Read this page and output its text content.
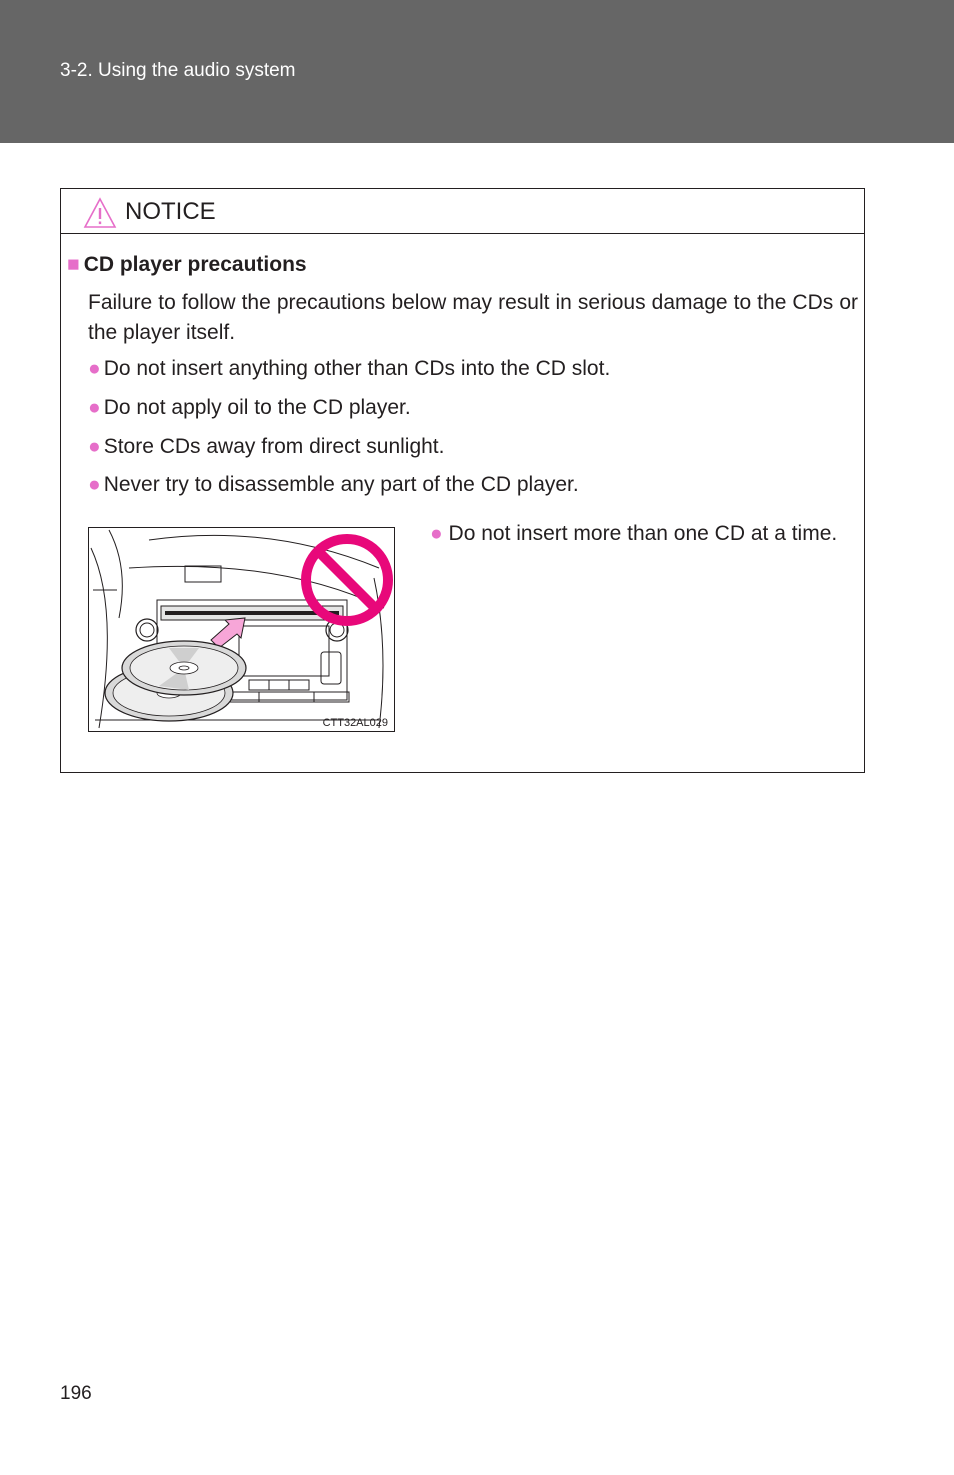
3-2. Using the audio system
NOTICE
■ CD player precautions
Failure to follow the precautions below may result in serious damage to the CDs or the player itself.
● Do not insert anything other than CDs into the CD slot.
● Do not apply oil to the CD player.
● Store CDs away from direct sunlight.
● Never try to disassemble any part of the CD player.
CTT32AL029
● Do not insert more than one CD at a time.
196
